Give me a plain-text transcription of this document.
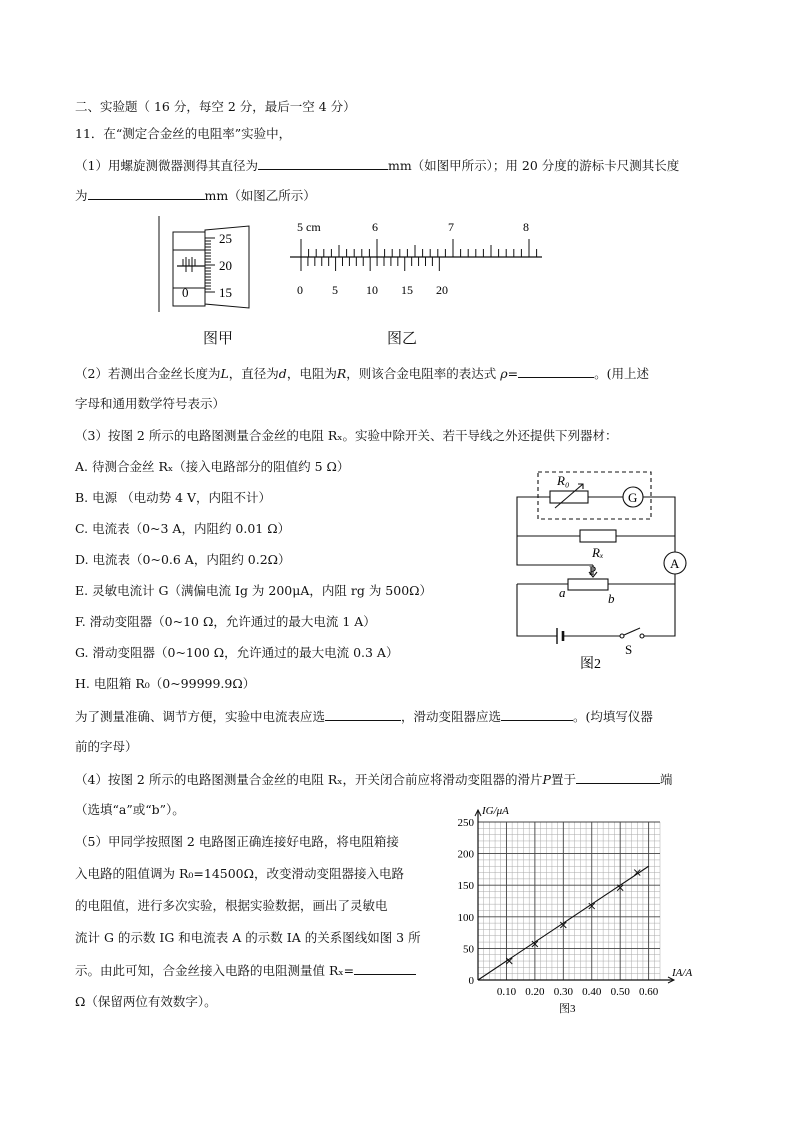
二、实验题（ 16 分，每空 2 分，最后一空 4 分）
11．在“测定合金丝的电阻率”实验中，
（1）用螺旋测微器测得其直径为	mm（如图甲所示）；用 20 分度的游标卡尺测其长度
为	mm（如图乙所示）
25
20
15
0
图甲
5 cm	6	7	8
0 5 10 15 20
图乙
（2）若测出合金丝长度为L，直径为d，电阻为R，则该合金电阻率的表达式 ρ=	。(用上述
字母和通用数学符号表示）
（3）按图 2 所示的电路图测量合金丝的电阻 Rₓ。实验中除开关、若干导线之外还提供下列器材：
A. 待测合金丝 Rₓ（接入电路部分的阻值约 5 Ω）
B. 电源 （电动势 4 V，内阻不计）
C. 电流表（0~3 A，内阻约 0.01 Ω）
D. 电流表（0~0.6 A，内阻约 0.2Ω）
E. 灵敏电流计 G（满偏电流 Ig 为 200μA，内阻 rg 为 500Ω）
F. 滑动变阻器（0~10 Ω，允许通过的最大电流 1 A）
G. 滑动变阻器（0~100 Ω，允许通过的最大电流 0.3 A）
H. 电阻箱 R₀（0~99999.9Ω）
为了测量准确、调节方便，实验中电流表应选	，滑动变阻器应选	。(均填写仪器
前的字母）
R₀
G
Rₓ
A
P
a	b
S
图2
（4）按图 2 所示的电路图测量合金丝的电阻 Rₓ，开关闭合前应将滑动变阻器的滑片P置于	端
（选填“a”或“b”）。
（5）甲同学按照图 2 电路图正确连接好电路，将电阻箱接
入电路的阻值调为 R₀=14500Ω，改变滑动变阻器接入电路
的电阻值，进行多次实验，根据实验数据，画出了灵敏电
流计 G 的示数 IG 和电流表 A 的示数 IA 的关系图线如图 3 所
示。由此可知，合金丝接入电路的电阻测量值 Rₓ=
Ω（保留两位有效数字）。
250
200
150
100
50
0
0.10 0.20 0.30 0.40 0.50 0.60
IA/A
IG/μA
图3
